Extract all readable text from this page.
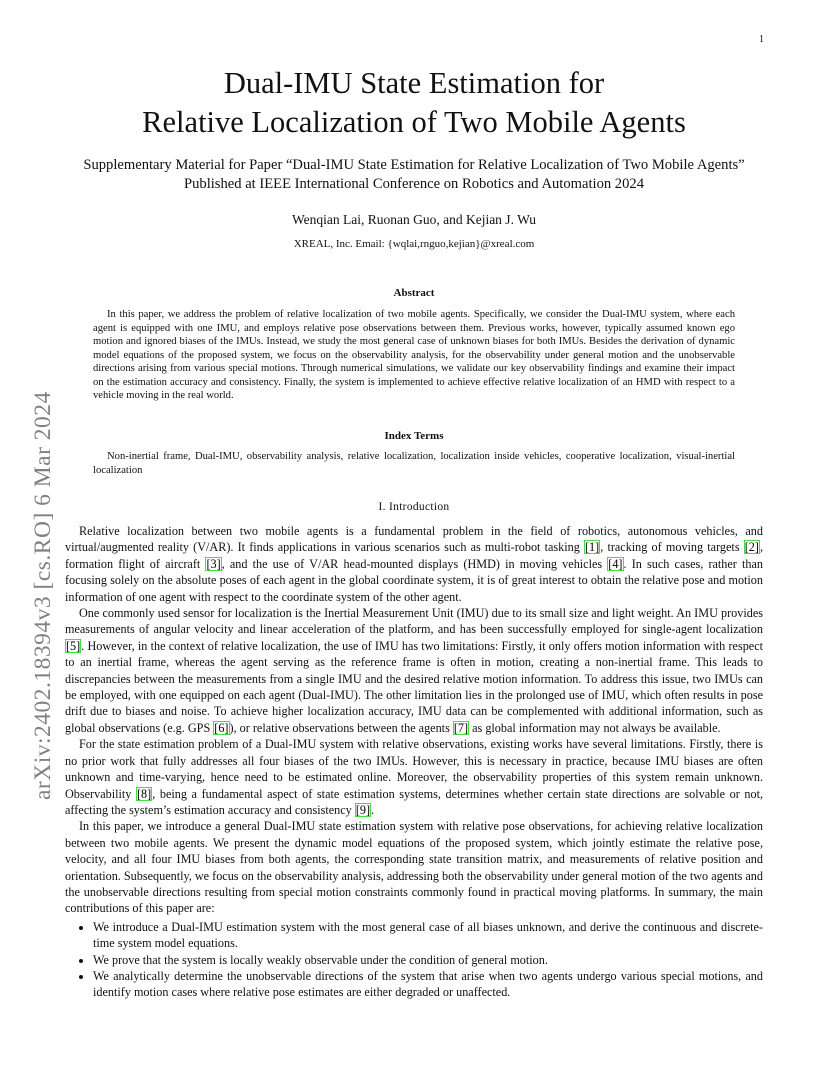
1
arXiv:2402.18394v3 [cs.RO] 6 Mar 2024
Dual-IMU State Estimation for
Relative Localization of Two Mobile Agents
Supplementary Material for Paper “Dual-IMU State Estimation for Relative Localization of Two Mobile Agents” Published at IEEE International Conference on Robotics and Automation 2024
Wenqian Lai, Ruonan Guo, and Kejian J. Wu
XREAL, Inc. Email: {wqlai,rnguo,kejian}@xreal.com
Abstract
In this paper, we address the problem of relative localization of two mobile agents. Specifically, we consider the Dual-IMU system, where each agent is equipped with one IMU, and employs relative pose observations between them. Previous works, however, typically assumed known ego motion and ignored biases of the IMUs. Instead, we study the most general case of unknown biases for both IMUs. Besides the derivation of dynamic model equations of the proposed system, we focus on the observability analysis, for the observability under general motion and the unobservable directions arising from various special motions. Through numerical simulations, we validate our key observability findings and examine their impact on the estimation accuracy and consistency. Finally, the system is implemented to achieve effective relative localization of an HMD with respect to a vehicle moving in the real world.
Index Terms
Non-inertial frame, Dual-IMU, observability analysis, relative localization, localization inside vehicles, cooperative localization, visual-inertial localization
I. Introduction

Relative localization between two mobile agents is a fundamental problem in the field of robotics, autonomous vehicles, and virtual/augmented reality (V/AR). It finds applications in various scenarios such as multi-robot tasking [1], tracking of moving targets [2], formation flight of aircraft [3], and the use of V/AR head-mounted displays (HMD) in moving vehicles [4]. In such cases, rather than focusing solely on the absolute poses of each agent in the global coordinate system, it is of great interest to obtain the relative pose and motion information of one agent with respect to the coordinate system of the other agent.

One commonly used sensor for localization is the Inertial Measurement Unit (IMU) due to its small size and light weight. An IMU provides measurements of angular velocity and linear acceleration of the platform, and has been successfully employed for single-agent localization [5]. However, in the context of relative localization, the use of IMU has two limitations: Firstly, it only offers motion information with respect to an inertial frame, whereas the agent serving as the reference frame is often in motion, creating a non-inertial frame. This leads to discrepancies between the measurements from a single IMU and the desired relative motion information. To address this issue, two IMUs can be employed, with one equipped on each agent (Dual-IMU). The other limitation lies in the prolonged use of IMU, which often results in pose drift due to biases and noise. To achieve higher localization accuracy, IMU data can be complemented with additional information, such as global observations (e.g. GPS [6]), or relative observations between the agents [7] as global information may not always be available.

For the state estimation problem of a Dual-IMU system with relative observations, existing works have several limitations. Firstly, there is no prior work that fully addresses all four biases of the two IMUs. However, this is necessary in practice, because IMU biases are often unknown and time-varying, hence need to be estimated online. Moreover, the observability properties of this system remain unknown. Observability [8], being a fundamental aspect of state estimation systems, determines whether certain state directions are solvable or not, affecting the system’s estimation accuracy and consistency [9].

In this paper, we introduce a general Dual-IMU state estimation system with relative pose observations, for achieving relative localization between two mobile agents. We present the dynamic model equations of the proposed system, which jointly estimate the relative pose, velocity, and all four IMU biases from both agents, the corresponding state transition matrix, and measurements of relative position and orientation. Subsequently, we focus on the observability analysis, addressing both the observability under general motion of the two agents and the unobservable directions resulting from special motion constraints commonly found in practical moving platforms. In summary, the main contributions of this paper are:

• We introduce a Dual-IMU estimation system with the most general case of all biases unknown, and derive the continuous and discrete-time system model equations.
• We prove that the system is locally weakly observable under the condition of general motion.
• We analytically determine the unobservable directions of the system that arise when two agents undergo various special motions, and identify motion cases where relative pose estimates are either degraded or unaffected.
